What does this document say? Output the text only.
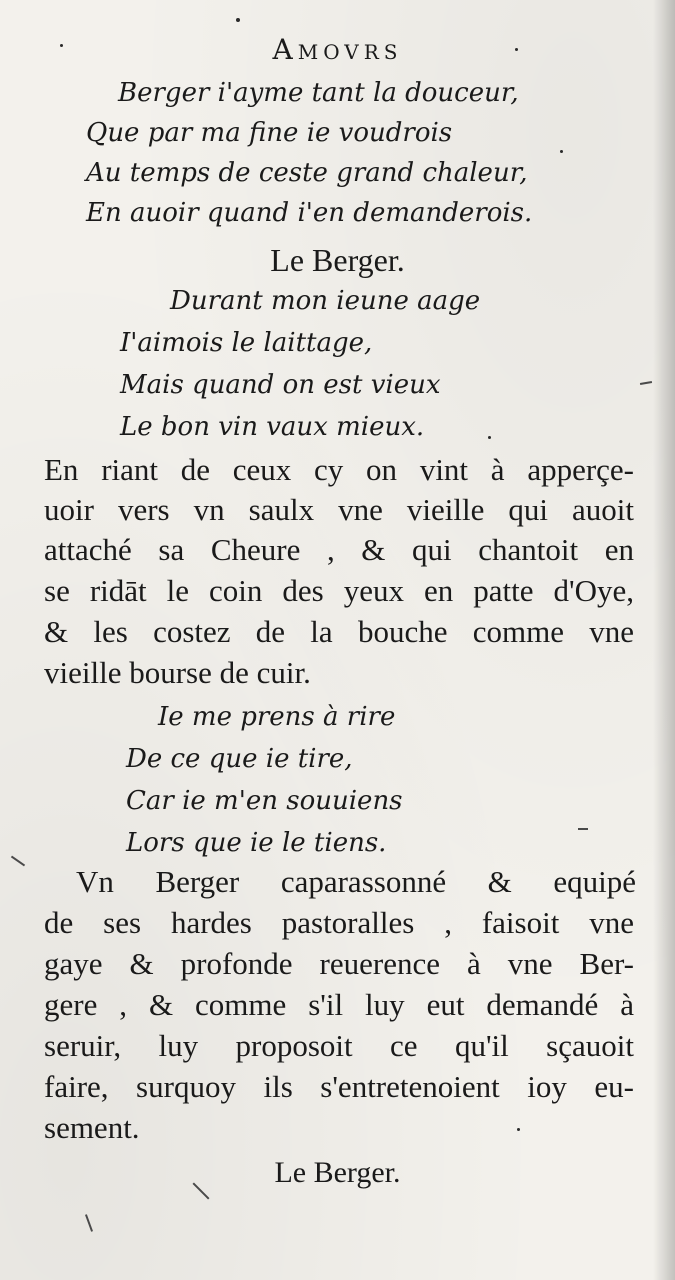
Amovrs
Berger i'ayme tant la douceur,
Que par ma fine ie voudrois
Au temps de ceste grand chaleur,
En auoir quand i'en demanderois.
Le Berger.
Durant mon ieune aage
I'aimois le laittage,
Mais quand on est vieux
Le bon vin vaux mieux.
En riant de ceux cy on vint à apperçe-
uoir vers vn saulx vne vieille qui auoit
attaché sa Cheure , & qui chantoit en
se ridāt le coin des yeux en patte d'Oye,
& les costez de la bouche comme vne
vieille bourse de cuir.
Ie me prens à rire
De ce que ie tire,
Car ie m'en souuiens
Lors que ie le tiens.
Vn Berger caparassonné & equipé
de ses hardes pastoralles , faisoit vne
gaye & profonde reuerence à vne Ber-
gere , & comme s'il luy eut demandé à
seruir, luy proposoit ce qu'il sçauoit
faire, surquoy ils s'entretenoient ioy eu-
sement.
Le Berger.
